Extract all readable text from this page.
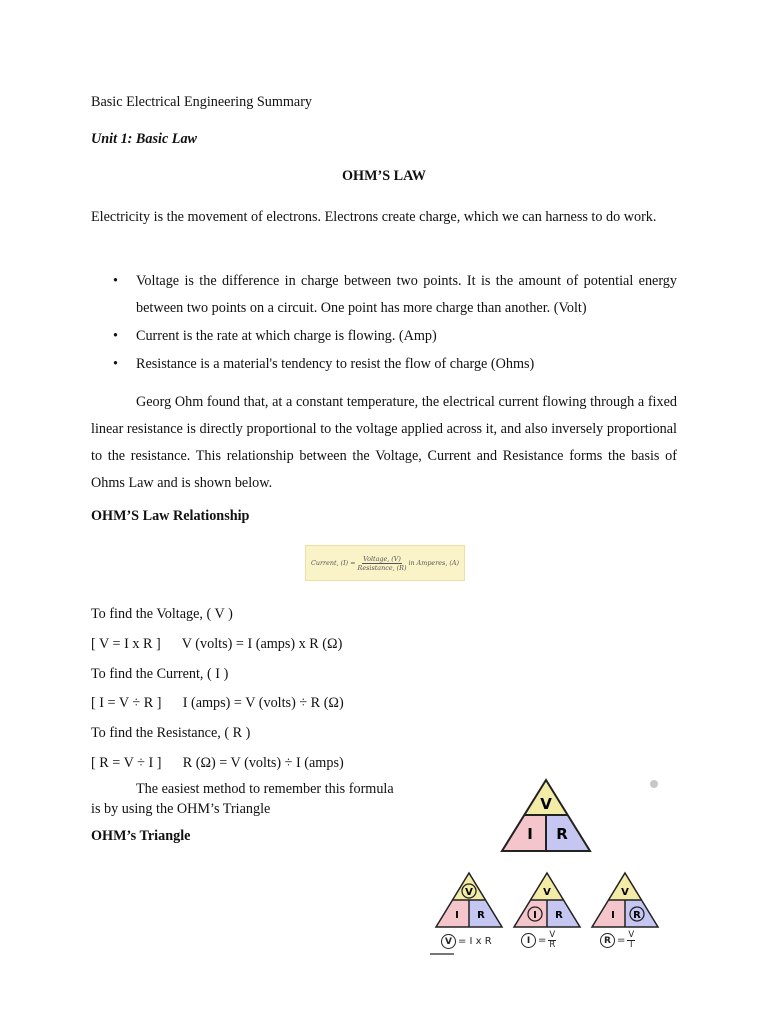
Basic Electrical Engineering Summary
Unit 1: Basic Law
OHM’S LAW
Electricity is the movement of electrons. Electrons create charge, which we can harness to do work.
• Voltage is the difference in charge between two points. It is the amount of potential energy between two points on a circuit. One point has more charge than another. (Volt)
• Current is the rate at which charge is flowing. (Amp)
• Resistance is a material's tendency to resist the flow of charge (Ohms)
Georg Ohm found that, at a constant temperature, the electrical current flowing through a fixed linear resistance is directly proportional to the voltage applied across it, and also inversely proportional to the resistance. This relationship between the Voltage, Current and Resistance forms the basis of Ohms Law and is shown below.
OHM’S Law Relationship
Current, $(I) = \frac{\text{Voltage, (V)}}{\text{Resistance, (R)}}$ in Amperes, (A)
To find the Voltage, ( V )
[ V = I x R ]      V (volts) = I (amps) x R (Ω)
To find the Current, ( I )
[ I = V ÷ R ]      I (amps) = V (volts) ÷ R (Ω)
To find the Resistance, ( R )
[ R = V ÷ I ]      R (Ω) = V (volts) ÷ I (amps)
The easiest method to remember this formula
is by using the OHM’s Triangle
OHM’s Triangle
V
I R
V
I R
V
I R
V
I R
V = I x R	$I = \frac{V}{R}$	$R = \frac{V}{I}$
